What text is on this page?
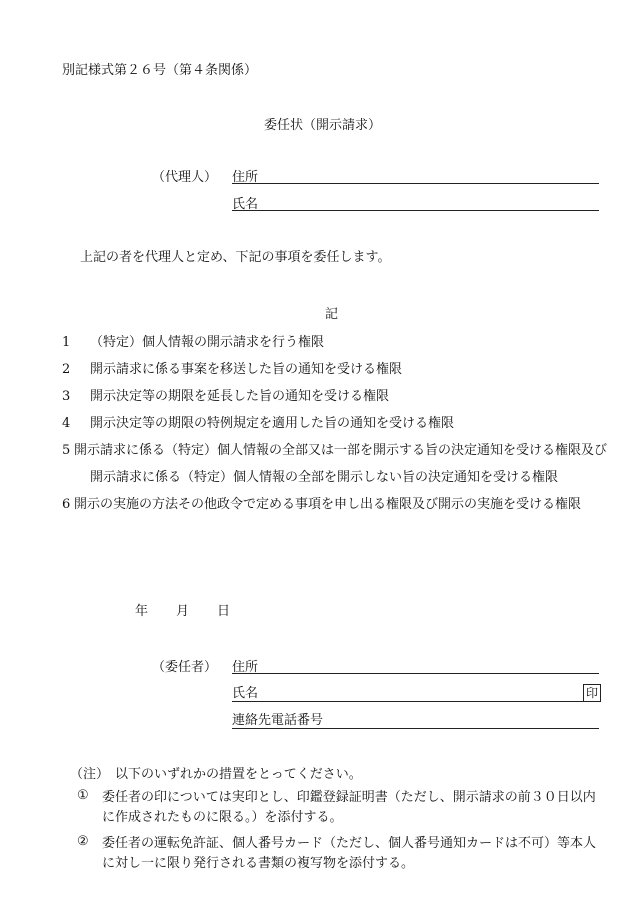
別記様式第２６号（第４条関係）
委任状（開示請求）
（代理人） 住所
氏名
上記の者を代理人と定め、下記の事項を委任します。
記
1	（特定）個人情報の開示請求を行う権限
2	開示請求に係る事案を移送した旨の通知を受ける権限
3	開示決定等の期限を延長した旨の通知を受ける権限
4	開示決定等の期限の特例規定を適用した旨の通知を受ける権限
5 開示請求に係る（特定）個人情報の全部又は一部を開示する旨の決定通知を受ける権限及び開示請求に係る（特定）個人情報の全部を開示しない旨の決定通知を受ける権限
6 開示の実施の方法その他政令で定める事項を申し出る権限及び開示の実施を受ける権限
年 月 日
（委任者） 住所
氏名	印
連絡先電話番号
（注） 以下のいずれかの措置をとってください。
① 委任者の印については実印とし、印鑑登録証明書（ただし、開示請求の前３０日以内に作成されたものに限る。）を添付する。
② 委任者の運転免許証、個人番号カード（ただし、個人番号通知カードは不可）等本人に対し一に限り発行される書類の複写物を添付する。
